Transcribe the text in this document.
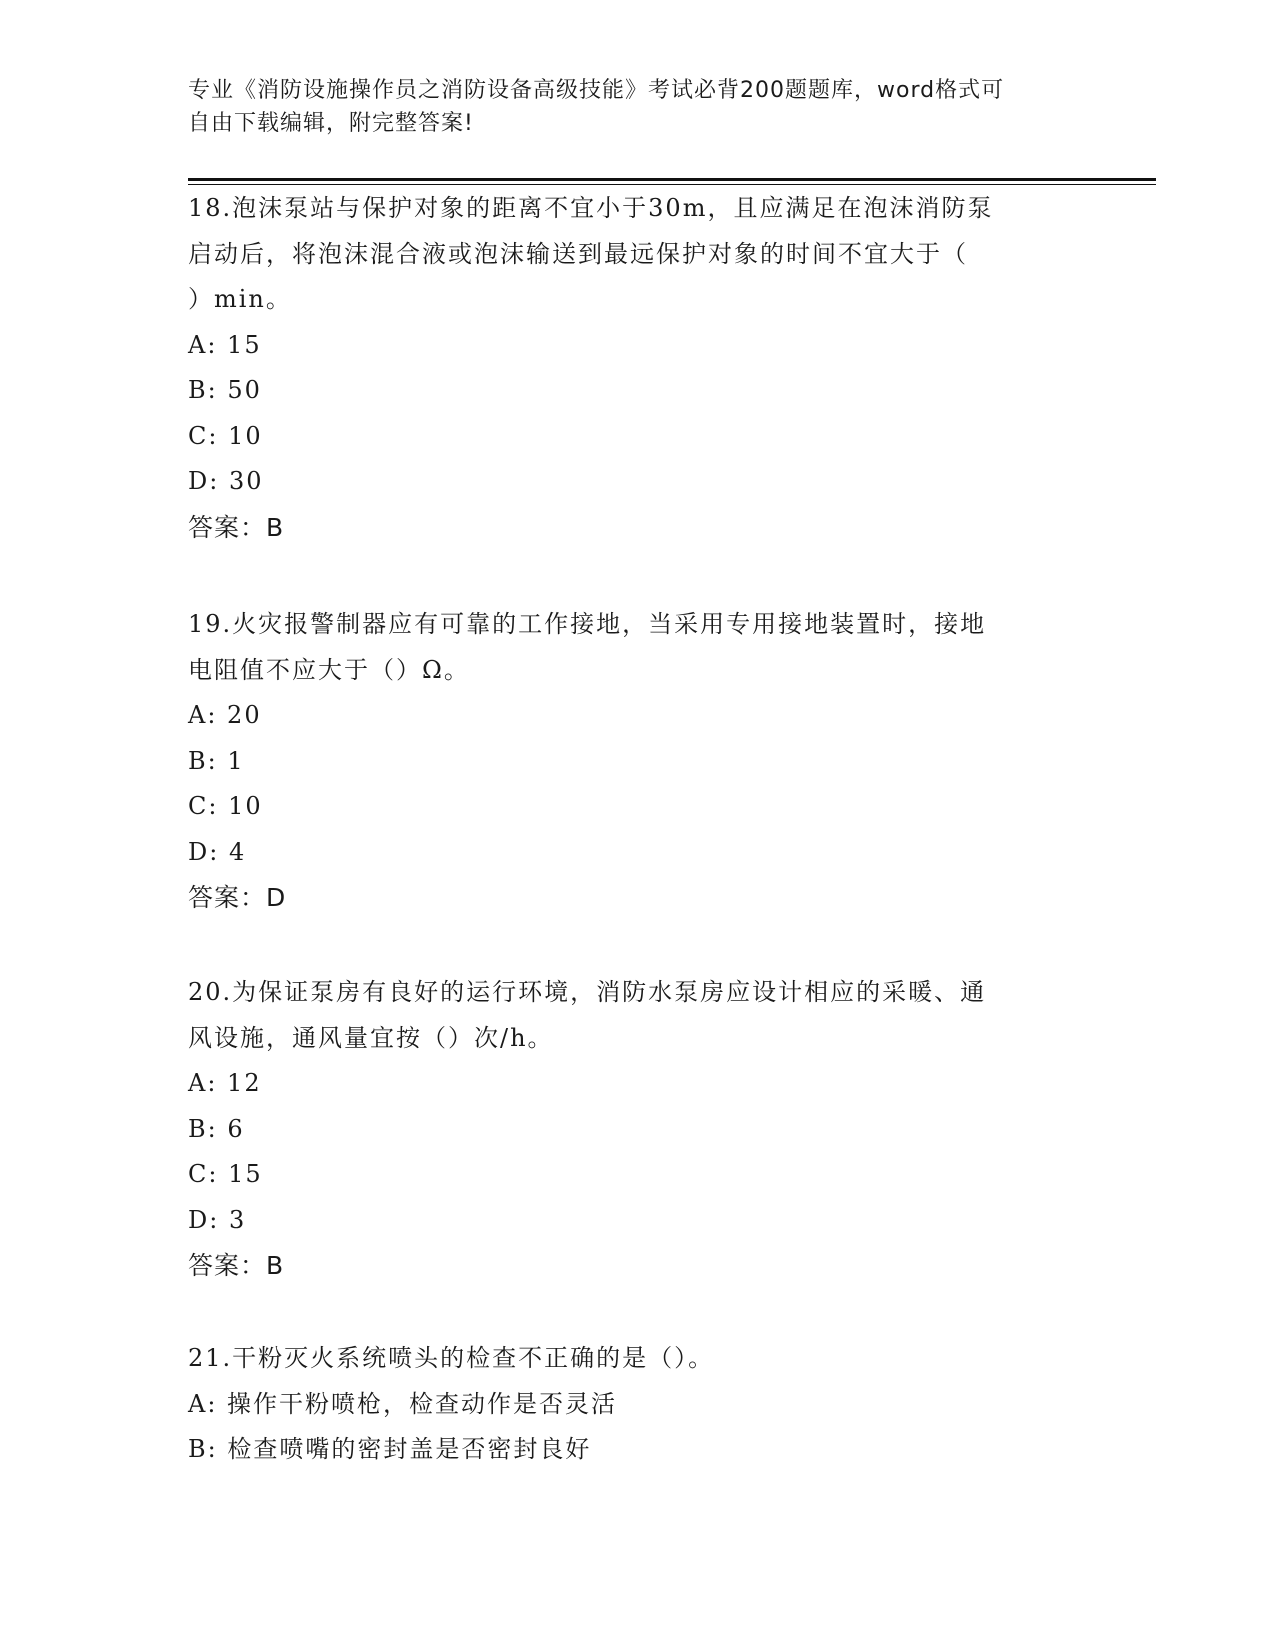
专业《消防设施操作员之消防设备高级技能》考试必背200题题库，word格式可
自由下载编辑，附完整答案!
18.泡沫泵站与保护对象的距离不宜小于30m，且应满足在泡沫消防泵
启动后，将泡沫混合液或泡沫输送到最远保护对象的时间不宜大于（
）min。
A: 15
B: 50
C: 10
D: 30
答案：B
19.火灾报警制器应有可靠的工作接地，当采用专用接地装置时，接地
电阻值不应大于（）Ω。
A: 20
B: 1
C: 10
D: 4
答案：D
20.为保证泵房有良好的运行环境，消防水泵房应设计相应的采暖、通
风设施，通风量宜按（）次/h。
A: 12
B: 6
C: 15
D: 3
答案：B
21.干粉灭火系统喷头的检查不正确的是（）。
A: 操作干粉喷枪，检查动作是否灵活
B: 检查喷嘴的密封盖是否密封良好
